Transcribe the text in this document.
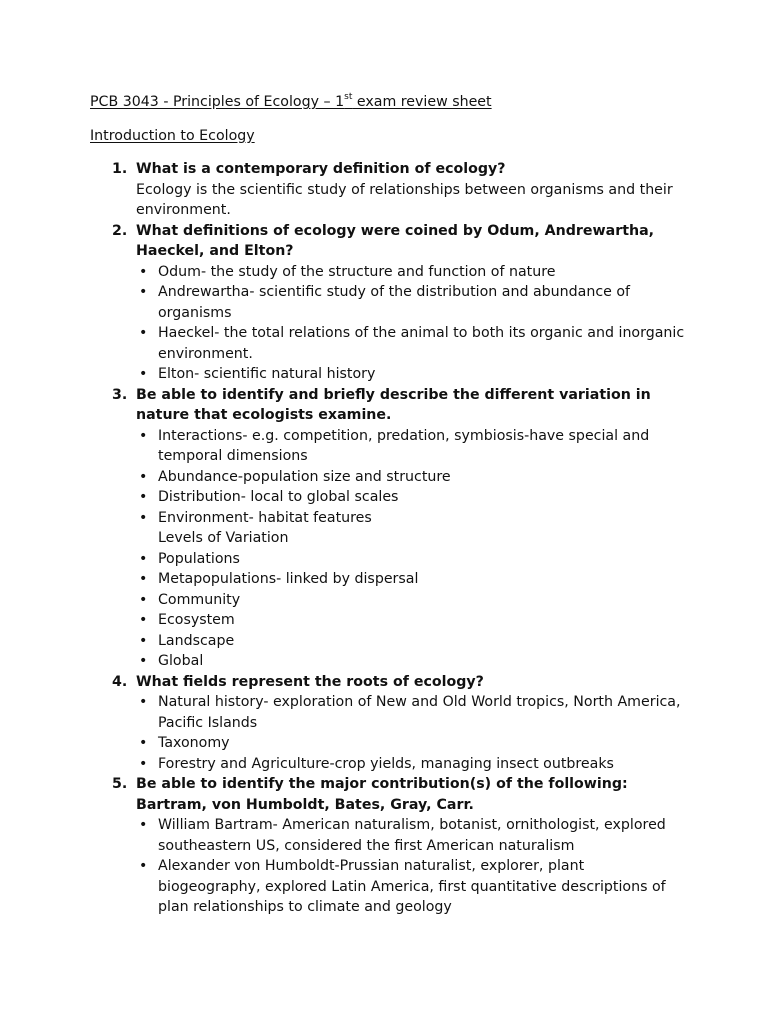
PCB 3043 - Principles of Ecology – 1st exam review sheet

Introduction to Ecology

1. What is a contemporary definition of ecology?

Ecology is the scientific study of relationships between organisms and their environment.

2. What definitions of ecology were coined by Odum, Andrewartha, Haeckel, and Elton?
• Odum- the study of the structure and function of nature
• Andrewartha- scientific study of the distribution and abundance of organisms
• Haeckel- the total relations of the animal to both its organic and inorganic environment.
• Elton- scientific natural history
3. Be able to identify and briefly describe the different variation in nature that ecologists examine.
• Interactions- e.g. competition, predation, symbiosis-have special and temporal dimensions
• Abundance-population size and structure
• Distribution- local to global scales
• Environment- habitat features
Levels of Variation
• Populations
• Metapopulations- linked by dispersal
• Community
• Ecosystem
• Landscape
• Global
4. What fields represent the roots of ecology?
• Natural history- exploration of New and Old World tropics, North America, Pacific Islands
• Taxonomy
• Forestry and Agriculture-crop yields, managing insect outbreaks
5. Be able to identify the major contribution(s) of the following: Bartram, von Humboldt, Bates, Gray, Carr.
• William Bartram- American naturalism, botanist, ornithologist, explored southeastern US, considered the first American naturalism
• Alexander von Humboldt-Prussian naturalist, explorer, plant biogeography, explored Latin America, first quantitative descriptions of plan relationships to climate and geology
